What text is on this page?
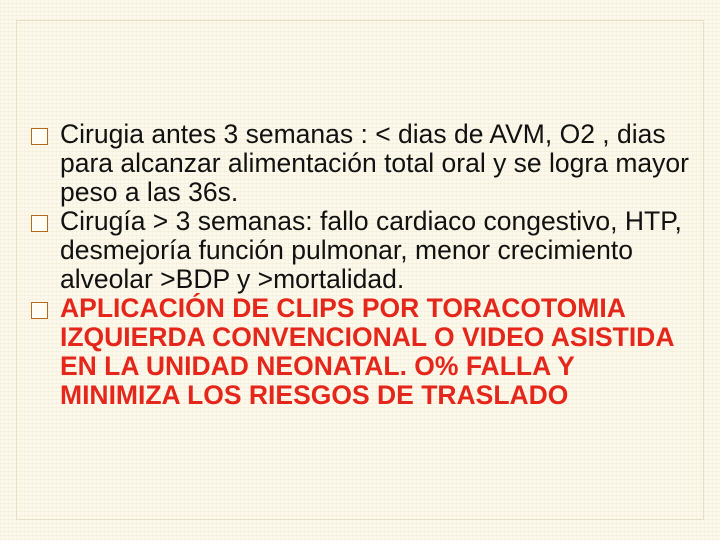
Cirugia antes 3 semanas : < dias de AVM, O2 , dias para alcanzar alimentación total oral y se logra mayor peso a las 36s.
Cirugía > 3 semanas: fallo cardiaco congestivo, HTP, desmejoría función pulmonar, menor crecimiento alveolar >BDP y >mortalidad.
APLICACIÓN DE CLIPS POR TORACOTOMIA IZQUIERDA CONVENCIONAL O VIDEO ASISTIDA EN LA UNIDAD NEONATAL. O% FALLA Y MINIMIZA LOS RIESGOS DE TRASLADO
